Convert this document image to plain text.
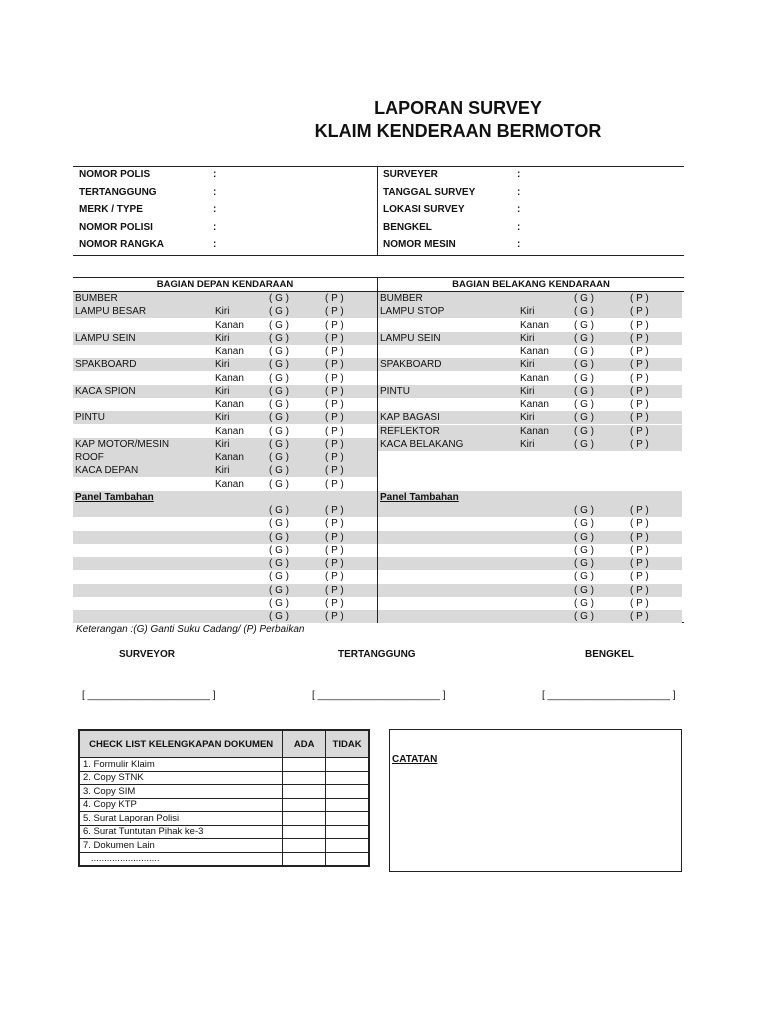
LAPORAN SURVEY
KLAIM KENDERAAN BERMOTOR
NOMOR POLIS	:
TERTANGGUNG	:
MERK / TYPE	:
NOMOR POLISI	:
NOMOR RANGKA	:
SURVEYER	:
TANGGAL SURVEY	:
LOKASI SURVEY	:
BENGKEL	:
NOMOR MESIN	:
BAGIAN DEPAN KENDARAAN	BAGIAN BELAKANG KENDARAAN
BUMBER	( G )	( P )
LAMPU BESAR	Kiri	( G )	( P )
Kanan	( G )	( P )
LAMPU SEIN	Kiri	( G )	( P )
Kanan	( G )	( P )
SPAKBOARD	Kiri	( G )	( P )
Kanan	( G )	( P )
KACA SPION	Kiri	( G )	( P )
Kanan	( G )	( P )
PINTU	Kiri	( G )	( P )
Kanan	( G )	( P )
KAP MOTOR/MESIN	Kiri	( G )	( P )
ROOF	Kanan	( G )	( P )
KACA DEPAN	Kiri	( G )	( P )
Kanan	( G )	( P )
Panel Tambahan
( G )	( P )
( G )	( P )
( G )	( P )
( G )	( P )
( G )	( P )
( G )	( P )
( G )	( P )
( G )	( P )
( G )	( P )
BUMBER	( G )	( P )
LAMPU STOP	Kiri	( G )	( P )
Kanan	( G )	( P )
LAMPU SEIN	Kiri	( G )	( P )
Kanan	( G )	( P )
SPAKBOARD	Kiri	( G )	( P )
Kanan	( G )	( P )
PINTU	Kiri	( G )	( P )
Kanan	( G )	( P )
KAP BAGASI	Kiri	( G )	( P )
REFLEKTOR	Kanan	( G )	( P )
KACA BELAKANG	Kiri	( G )	( P )
Panel Tambahan
( G )	( P )
( G )	( P )
( G )	( P )
( G )	( P )
( G )	( P )
( G )	( P )
( G )	( P )
( G )	( P )
( G )	( P )
Keterangan :(G) Ganti Suku Cadang/ (P) Perbaikan
SURVEYOR	TERTANGGUNG	BENGKEL
[ ______________________ ]	[ ______________________ ]	[ ______________________ ]
CHECK LIST KELENGKAPAN DOKUMEN	ADA	TIDAK
1. Formulir Klaim		
2. Copy STNK		
3. Copy SIM		
4. Copy KTP		
5. Surat Laporan Polisi		
6. Surat Tuntutan Pihak ke-3		
7. Dokumen Lain		
..........................		
CATATAN
